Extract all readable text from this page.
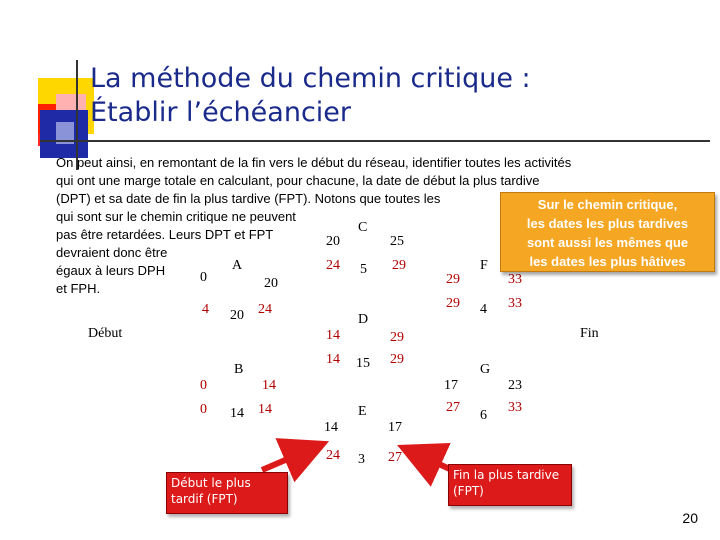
La méthode du chemin critique :
Établir l’échéancier
On peut ainsi, en remontant de la fin vers le début du réseau, identifier toutes les activités
qui ont une marge totale en calculant, pour chacune, la date de début la plus tardive
(DPT) et sa date de fin la plus tardive (FPT). Notons que toutes les
qui sont sur le chemin critique ne peuvent
pas être retardées. Leurs DPT et FPT
devraient donc être
égaux à leurs DPH
et FPH.
Début	Fin
0
A
20
4 20 24
B
0	14
0 14 14
C
20	25
24 5 29
D
14	29
14 15 29
E
14	17
24 3 27
F
29	33
29 4 33
G
17	23
27
6
33
Sur le chemin critique,
les dates les plus tardives
sont aussi les mêmes que
les dates les plus hâtives
Début le plus
tardif (FPT)
Fin la plus tardive
(FPT)
20
